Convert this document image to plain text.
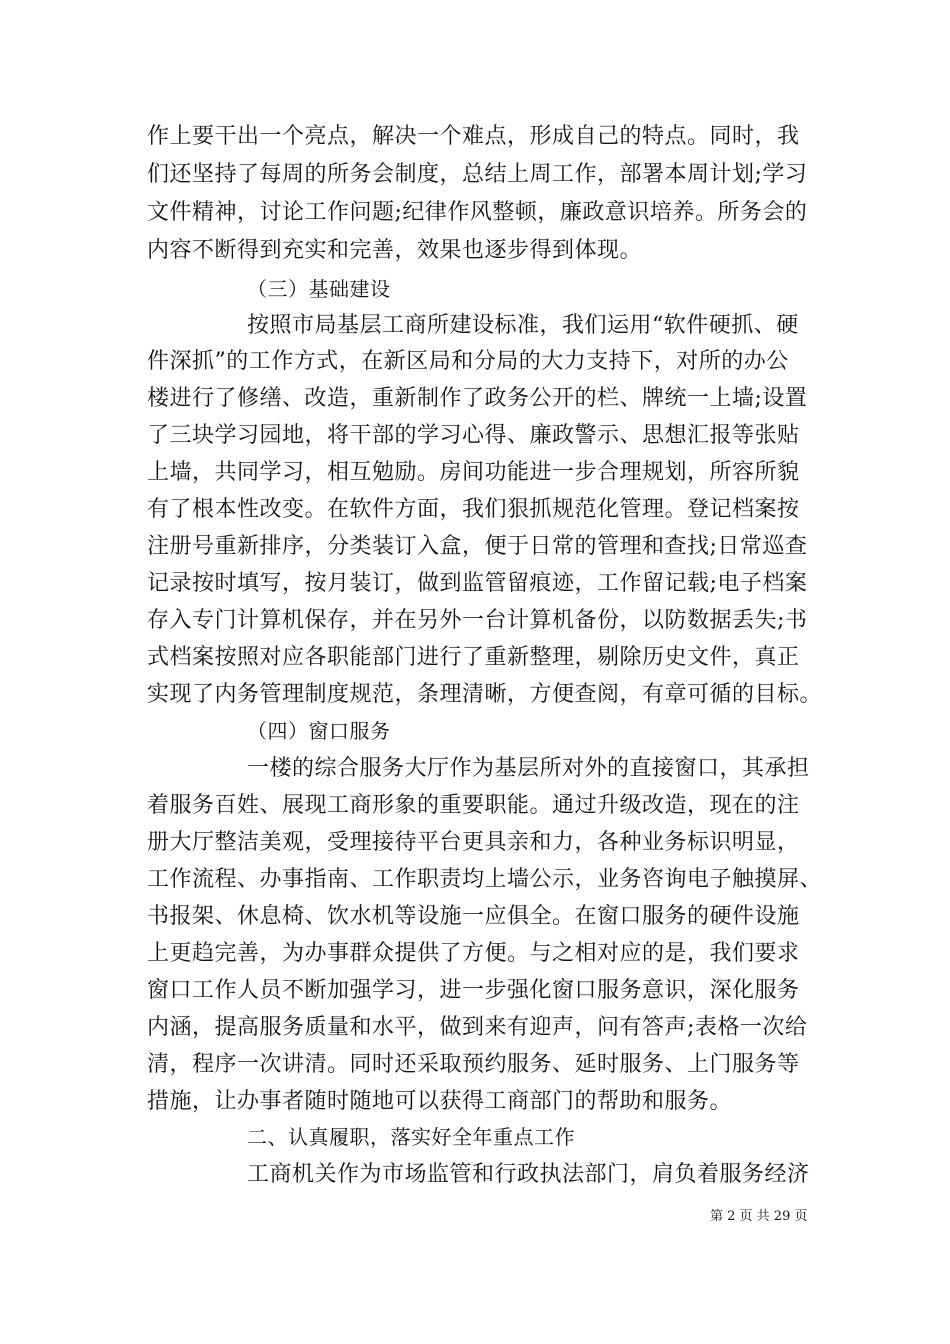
作上要干出一个亮点，解决一个难点，形成自己的特点。同时，我
们还坚持了每周的所务会制度，总结上周工作，部署本周计划;学习
文件精神，讨论工作问题;纪律作风整顿，廉政意识培养。所务会的
内容不断得到充实和完善，效果也逐步得到体现。
（三）基础建设
按照市局基层工商所建设标准，我们运用“软件硬抓、硬
件深抓”的工作方式，在新区局和分局的大力支持下，对所的办公
楼进行了修缮、改造，重新制作了政务公开的栏、牌统一上墙;设置
了三块学习园地，将干部的学习心得、廉政警示、思想汇报等张贴
上墙，共同学习，相互勉励。房间功能进一步合理规划，所容所貌
有了根本性改变。在软件方面，我们狠抓规范化管理。登记档案按
注册号重新排序，分类装订入盒，便于日常的管理和查找;日常巡查
记录按时填写，按月装订，做到监管留痕迹，工作留记载;电子档案
存入专门计算机保存，并在另外一台计算机备份，以防数据丢失;书
式档案按照对应各职能部门进行了重新整理，剔除历史文件，真正
实现了内务管理制度规范，条理清晰，方便查阅，有章可循的目标。
（四）窗口服务
一楼的综合服务大厅作为基层所对外的直接窗口，其承担
着服务百姓、展现工商形象的重要职能。通过升级改造，现在的注
册大厅整洁美观，受理接待平台更具亲和力，各种业务标识明显，
工作流程、办事指南、工作职责均上墙公示，业务咨询电子触摸屏、
书报架、休息椅、饮水机等设施一应俱全。在窗口服务的硬件设施
上更趋完善，为办事群众提供了方便。与之相对应的是，我们要求
窗口工作人员不断加强学习，进一步强化窗口服务意识，深化服务
内涵，提高服务质量和水平，做到来有迎声，问有答声;表格一次给
清，程序一次讲清。同时还采取预约服务、延时服务、上门服务等
措施，让办事者随时随地可以获得工商部门的帮助和服务。
二、认真履职，落实好全年重点工作
工商机关作为市场监管和行政执法部门，肩负着服务经济
第 2 页 共 29 页
